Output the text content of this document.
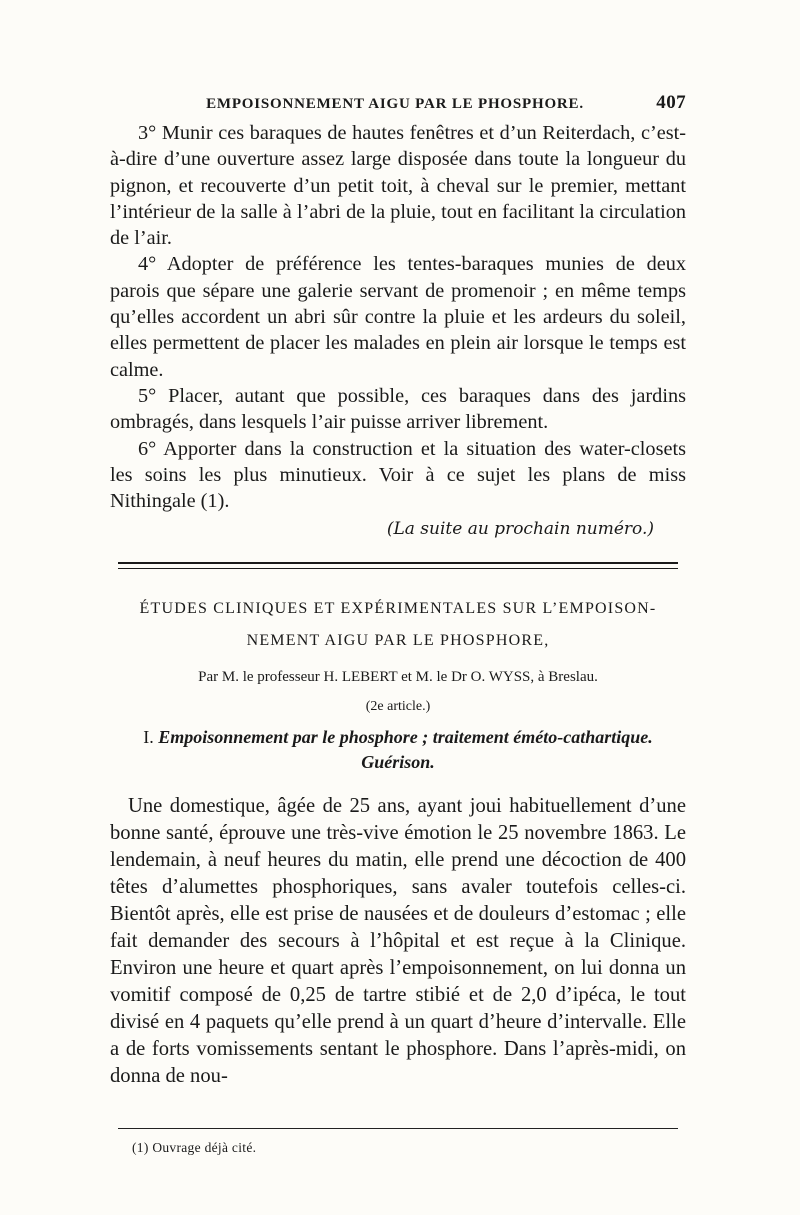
EMPOISONNEMENT AIGU PAR LE PHOSPHORE.	407

3° Munir ces baraques de hautes fenêtres et d’un Reiterdach, c’est-à-dire d’une ouverture assez large disposée dans toute la longueur du pignon, et recouverte d’un petit toit, à cheval sur le premier, mettant l’intérieur de la salle à l’abri de la pluie, tout en facilitant la circulation de l’air.

4° Adopter de préférence les tentes-baraques munies de deux parois que sépare une galerie servant de promenoir ; en même temps qu’elles accordent un abri sûr contre la pluie et les ardeurs du soleil, elles permettent de placer les malades en plein air lorsque le temps est calme.

5° Placer, autant que possible, ces baraques dans des jardins ombragés, dans lesquels l’air puisse arriver librement.

6° Apporter dans la construction et la situation des water-closets les soins les plus minutieux. Voir à ce sujet les plans de miss Nithingale (1).

(La suite au prochain numéro.)
ÉTUDES CLINIQUES ET EXPÉRIMENTALES SUR L’EMPOISON-
NEMENT AIGU PAR LE PHOSPHORE,
Par M. le professeur H. LEBERT et M. le Dr O. WYSS, à Breslau.
(2e article.)
I. Empoisonnement par le phosphore ; traitement éméto-cathartique. Guérison.

Une domestique, âgée de 25 ans, ayant joui habituellement d’une bonne santé, éprouve une très-vive émotion le 25 novembre 1863. Le lendemain, à neuf heures du matin, elle prend une décoction de 400 têtes d’alumettes phosphoriques, sans avaler toutefois celles-ci. Bientôt après, elle est prise de nausées et de douleurs d’estomac ; elle fait demander des secours à l’hôpital et est reçue à la Clinique. Environ une heure et quart après l’empoisonnement, on lui donna un vomitif composé de 0,25 de tartre stibié et de 2,0 d’ipéca, le tout divisé en 4 paquets qu’elle prend à un quart d’heure d’intervalle. Elle a de forts vomissements sentant le phosphore. Dans l’après-midi, on donna de nou-

(1) Ouvrage déjà cité.
